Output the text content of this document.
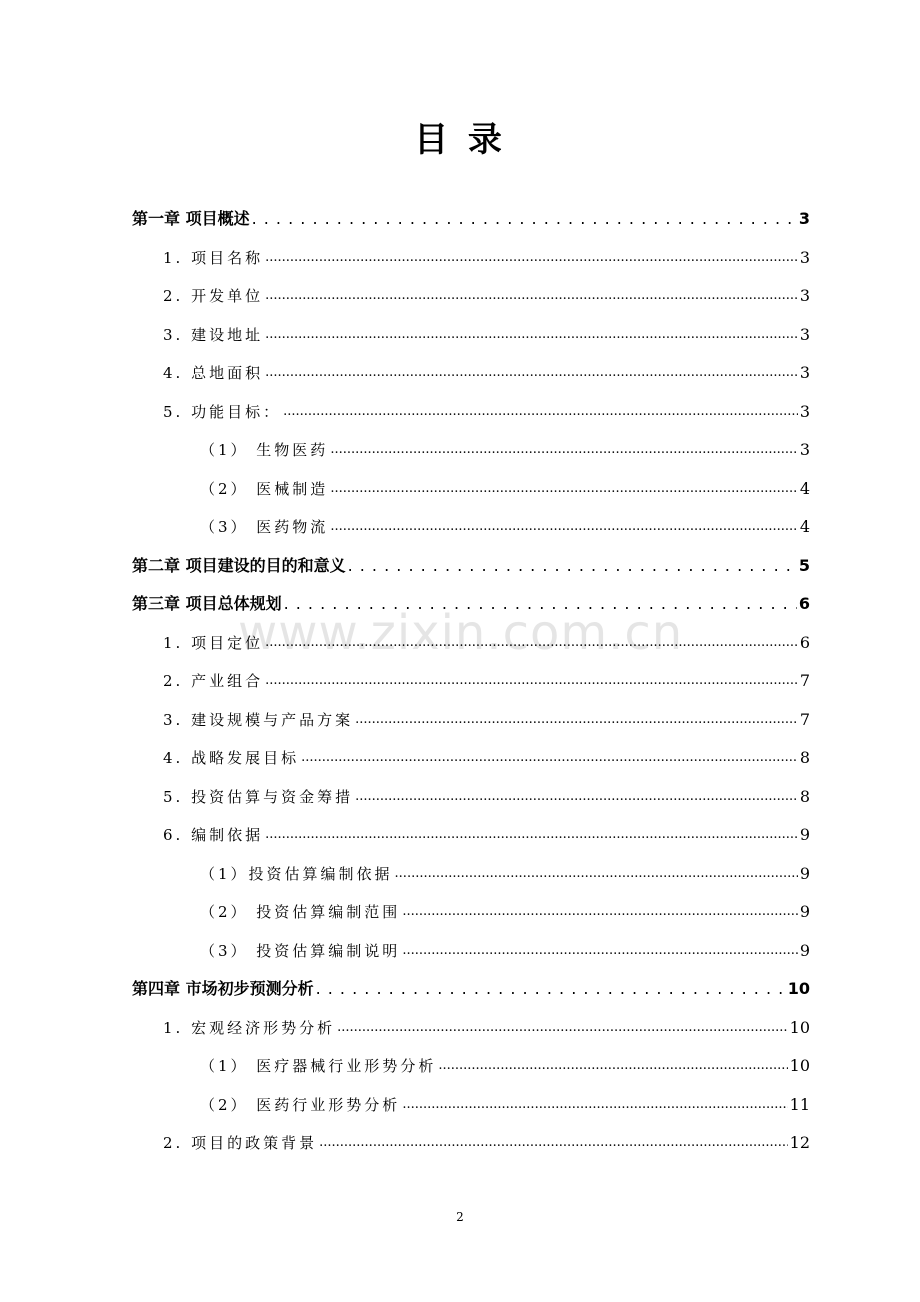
目 录
www.zixin.com.cn
第一章 项目概述 . . .	3
1. 项目名称 .....	3
2. 开发单位 .....	3
3. 建设地址 .....	3
4. 总地面积 .....	3
5. 功能目标： .....	3
（1） 生物医药 .....	3
（2） 医械制造 .....	4
（3） 医药物流 .....	4
第二章 项目建设的目的和意义 . . .	5
第三章 项目总体规划 . . .	6
1. 项目定位 .....	6
2. 产业组合 .....	7
3. 建设规模与产品方案 .....	7
4. 战略发展目标 .....	8
5. 投资估算与资金筹措 .....	8
6. 编制依据 .....	9
（1）投资估算编制依据 .....	9
（2） 投资估算编制范围 .....	9
（3） 投资估算编制说明 .....	9
第四章 市场初步预测分析 . . .	10
1. 宏观经济形势分析 .....	10
（1） 医疗器械行业形势分析 .....	10
（2） 医药行业形势分析 .....	11
2. 项目的政策背景 .....	12
2
